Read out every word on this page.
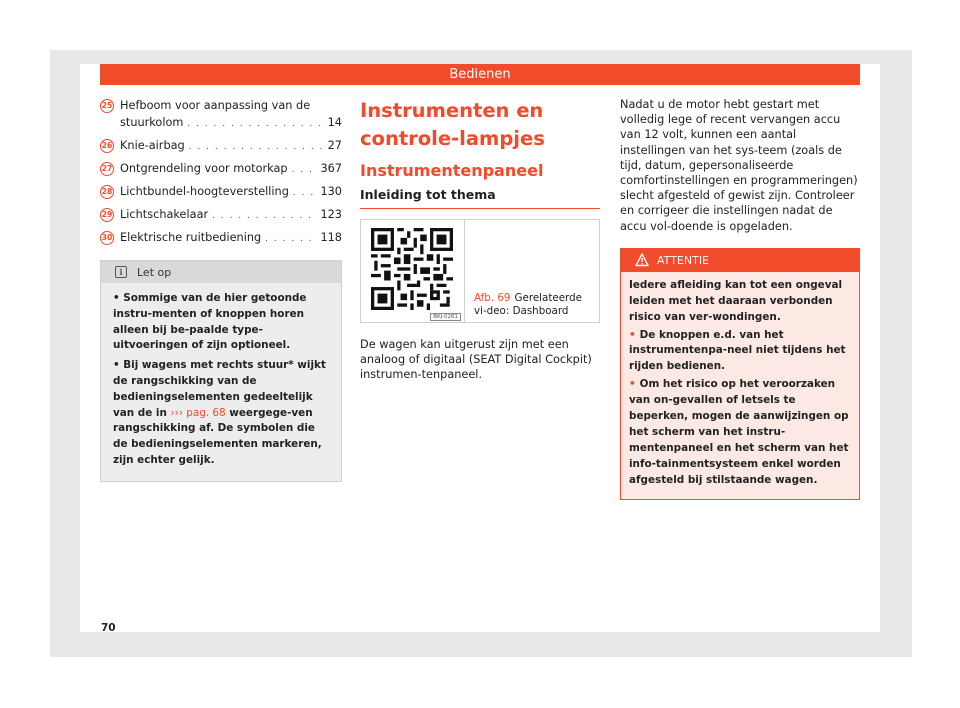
Bedienen
25 Hefboom voor aanpassing van de
stuurkolom . . .	14
26 Knie-airbag . . .	27
27 Ontgrendeling voor motorkap . . .	367
28 Lichtbundel-hoogteverstelling . . .	130
29 Lichtschakelaar . . .	123
30 Elektrische ruitbediening . . .	118
i	Let op

• Sommige van de hier getoonde instru-menten of knoppen horen alleen bij be-paalde type-uitvoeringen of zijn optioneel.

• Bij wagens met rechts stuur* wijkt de rangschikking van de bedieningselementen gedeeltelijk van de in ››› pag. 68 weergege-ven rangschikking af. De symbolen die de bedieningselementen markeren, zijn echter gelijk.

Instrumenten en controle-lampjes
Instrumentenpaneel
Inleiding tot thema
BKJ-0261
Afb. 69 Gerelateerde vi-deo: Dashboard

De wagen kan uitgerust zijn met een analoog of digitaal (SEAT Digital Cockpit) instrumen-tenpaneel.

Nadat u de motor hebt gestart met volledig lege of recent vervangen accu van 12 volt, kunnen een aantal instellingen van het sys-teem (zoals de tijd, datum, gepersonaliseerde comfortinstellingen en programmeringen) slecht afgesteld of gewist zijn. Controleer en corrigeer die instellingen nadat de accu vol-doende is opgeladen.

ATTENTIE

Iedere afleiding kan tot een ongeval leiden met het daaraan verbonden risico van ver-wondingen.

• De knoppen e.d. van het instrumentenpa-neel niet tijdens het rijden bedienen.

• Om het risico op het veroorzaken van on-gevallen of letsels te beperken, mogen de aanwijzingen op het scherm van het instru-mentenpaneel en het scherm van het info-tainmentsysteem enkel worden afgesteld bij stilstaande wagen.

70
